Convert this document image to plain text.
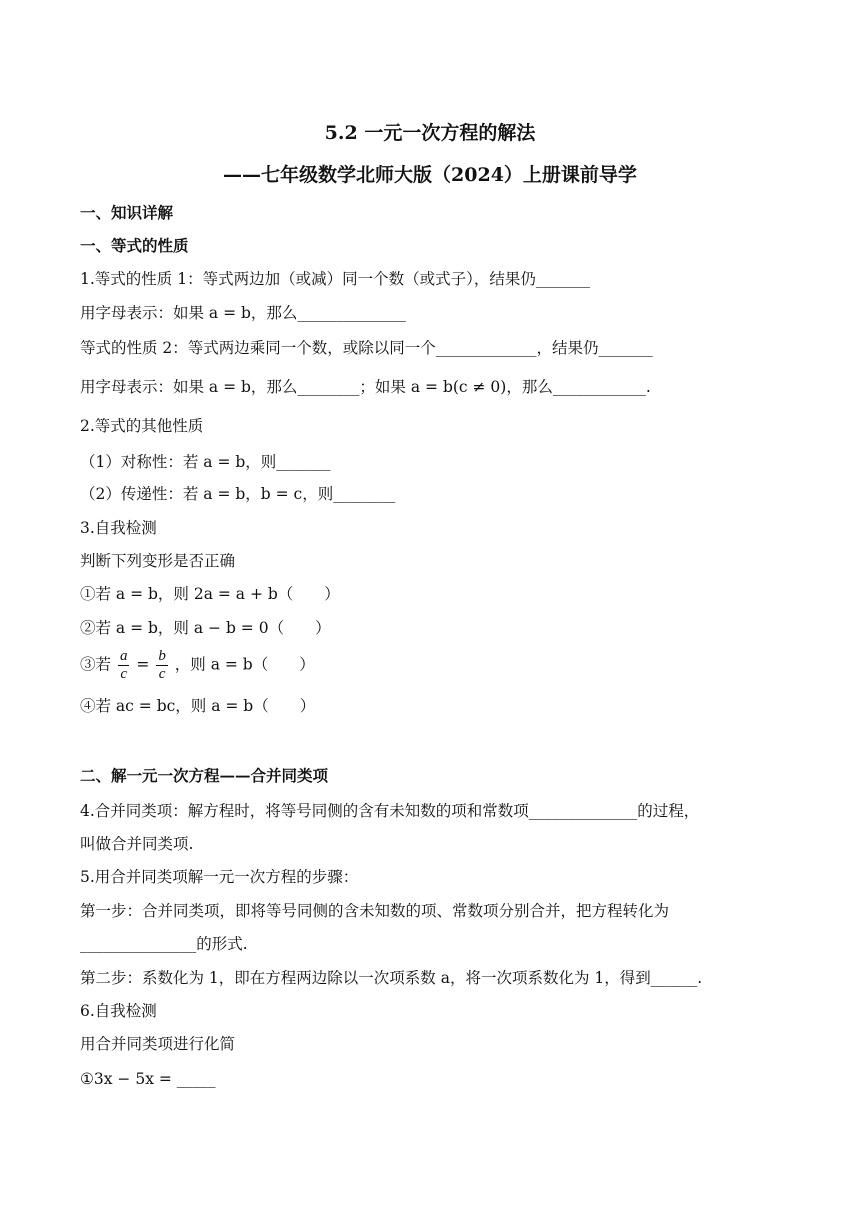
5.2 一元一次方程的解法
——七年级数学北师大版（2024）上册课前导学
一、知识详解
一、等式的性质
1.等式的性质 1：等式两边加（或减）同一个数（或式子），结果仍_______
用字母表示：如果 a = b，那么______________
等式的性质 2：等式两边乘同一个数，或除以同一个_____________，结果仍_______
用字母表示：如果 a = b，那么________；如果 a = b(c ≠ 0)，那么____________.
2.等式的其他性质
（1）对称性：若 a = b，则_______
（2）传递性：若 a = b，b = c，则________
3.自我检测
判断下列变形是否正确
①若 a = b，则 2a = a + b（　　）
②若 a = b，则 a − b = 0（　　）
③若 $\frac{a}{c} = \frac{b}{c}$ ，则 a = b（　　）
④若 ac = bc，则 a = b（　　）
二、解一元一次方程——合并同类项
4.合并同类项：解方程时，将等号同侧的含有未知数的项和常数项______________的过程，
叫做合并同类项.
5.用合并同类项解一元一次方程的步骤：
第一步：合并同类项，即将等号同侧的含未知数的项、常数项分别合并，把方程转化为
_______________的形式.
第二步：系数化为 1，即在方程两边除以一次项系数 a，将一次项系数化为 1，得到______.
6.自我检测
用合并同类项进行化简
①3x − 5x = _____
